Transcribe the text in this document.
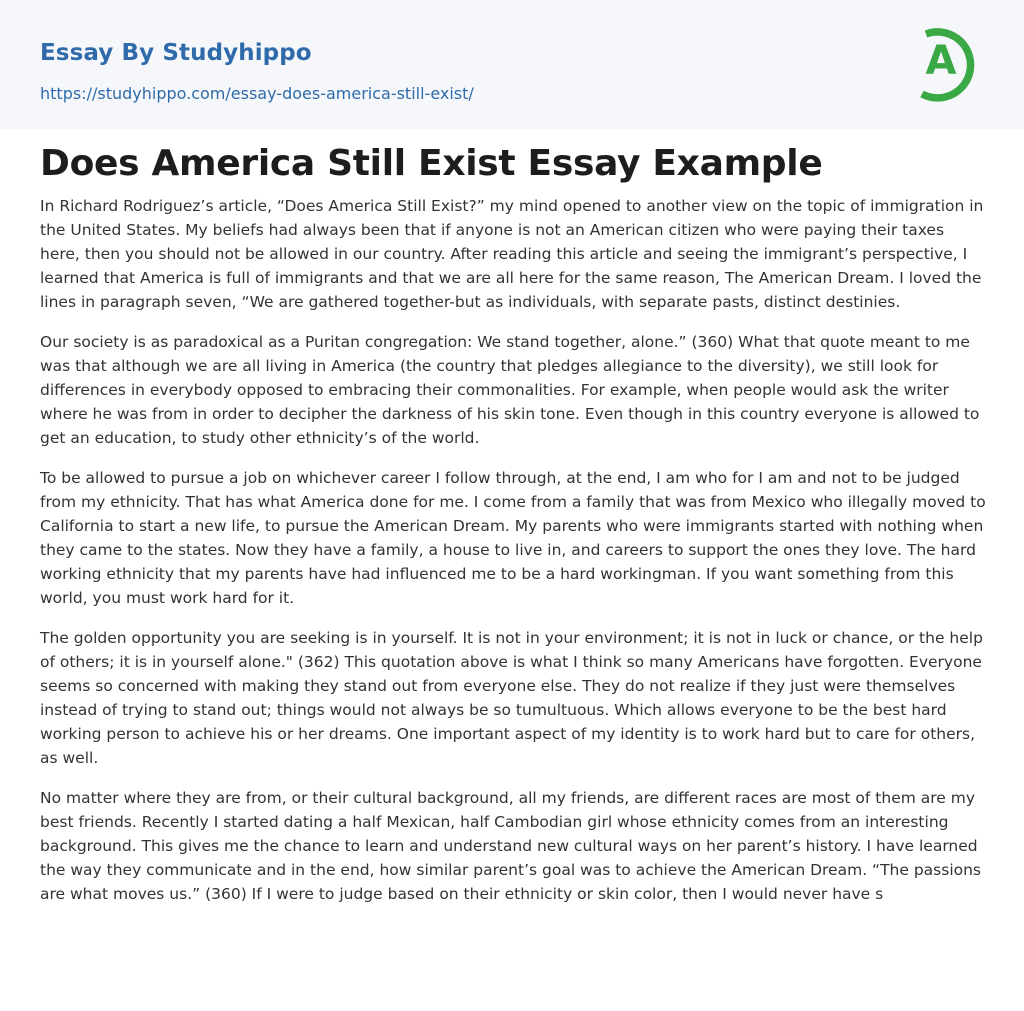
Essay By Studyhippo
https://studyhippo.com/essay-does-america-still-exist/
A
Does America Still Exist Essay Example

In Richard Rodriguez’s article, “Does America Still Exist?” my mind opened to another view on the topic of immigration in the United States. My beliefs had always been that if anyone is not an American citizen who were paying their taxes here, then you should not be allowed in our country. After reading this article and seeing the immigrant’s perspective, I learned that America is full of immigrants and that we are all here for the same reason, The American Dream. I loved the lines in paragraph seven, “We are gathered together-but as individuals, with separate pasts, distinct destinies.

Our society is as paradoxical as a Puritan congregation: We stand together, alone.” (360) What that quote meant to me was that although we are all living in America (the country that pledges allegiance to the diversity), we still look for differences in everybody opposed to embracing their commonalities. For example, when people would ask the writer where he was from in order to decipher the darkness of his skin tone. Even though in this country everyone is allowed to get an education, to study other ethnicity’s of the world.

To be allowed to pursue a job on whichever career I follow through, at the end, I am who for I am and not to be judged from my ethnicity. That has what America done for me. I come from a family that was from Mexico who illegally moved to California to start a new life, to pursue the American Dream. My parents who were immigrants started with nothing when they came to the states. Now they have a family, a house to live in, and careers to support the ones they love. The hard working ethnicity that my parents have had influenced me to be a hard workingman. If you want something from this world, you must work hard for it.

The golden opportunity you are seeking is in yourself. It is not in your environment; it is not in luck or chance, or the help of others; it is in yourself alone." (362) This quotation above is what I think so many Americans have forgotten. Everyone seems so concerned with making they stand out from everyone else. They do not realize if they just were themselves instead of trying to stand out; things would not always be so tumultuous. Which allows everyone to be the best hard working person to achieve his or her dreams. One important aspect of my identity is to work hard but to care for others, as well.

No matter where they are from, or their cultural background, all my friends, are different races are most of them are my best friends. Recently I started dating a half Mexican, half Cambodian girl whose ethnicity comes from an interesting background. This gives me the chance to learn and understand new cultural ways on her parent’s history. I have learned the way they communicate and in the end, how similar parent’s goal was to achieve the American Dream. “The passions are what moves us.” (360) If I were to judge based on their ethnicity or skin color, then I would never have s
